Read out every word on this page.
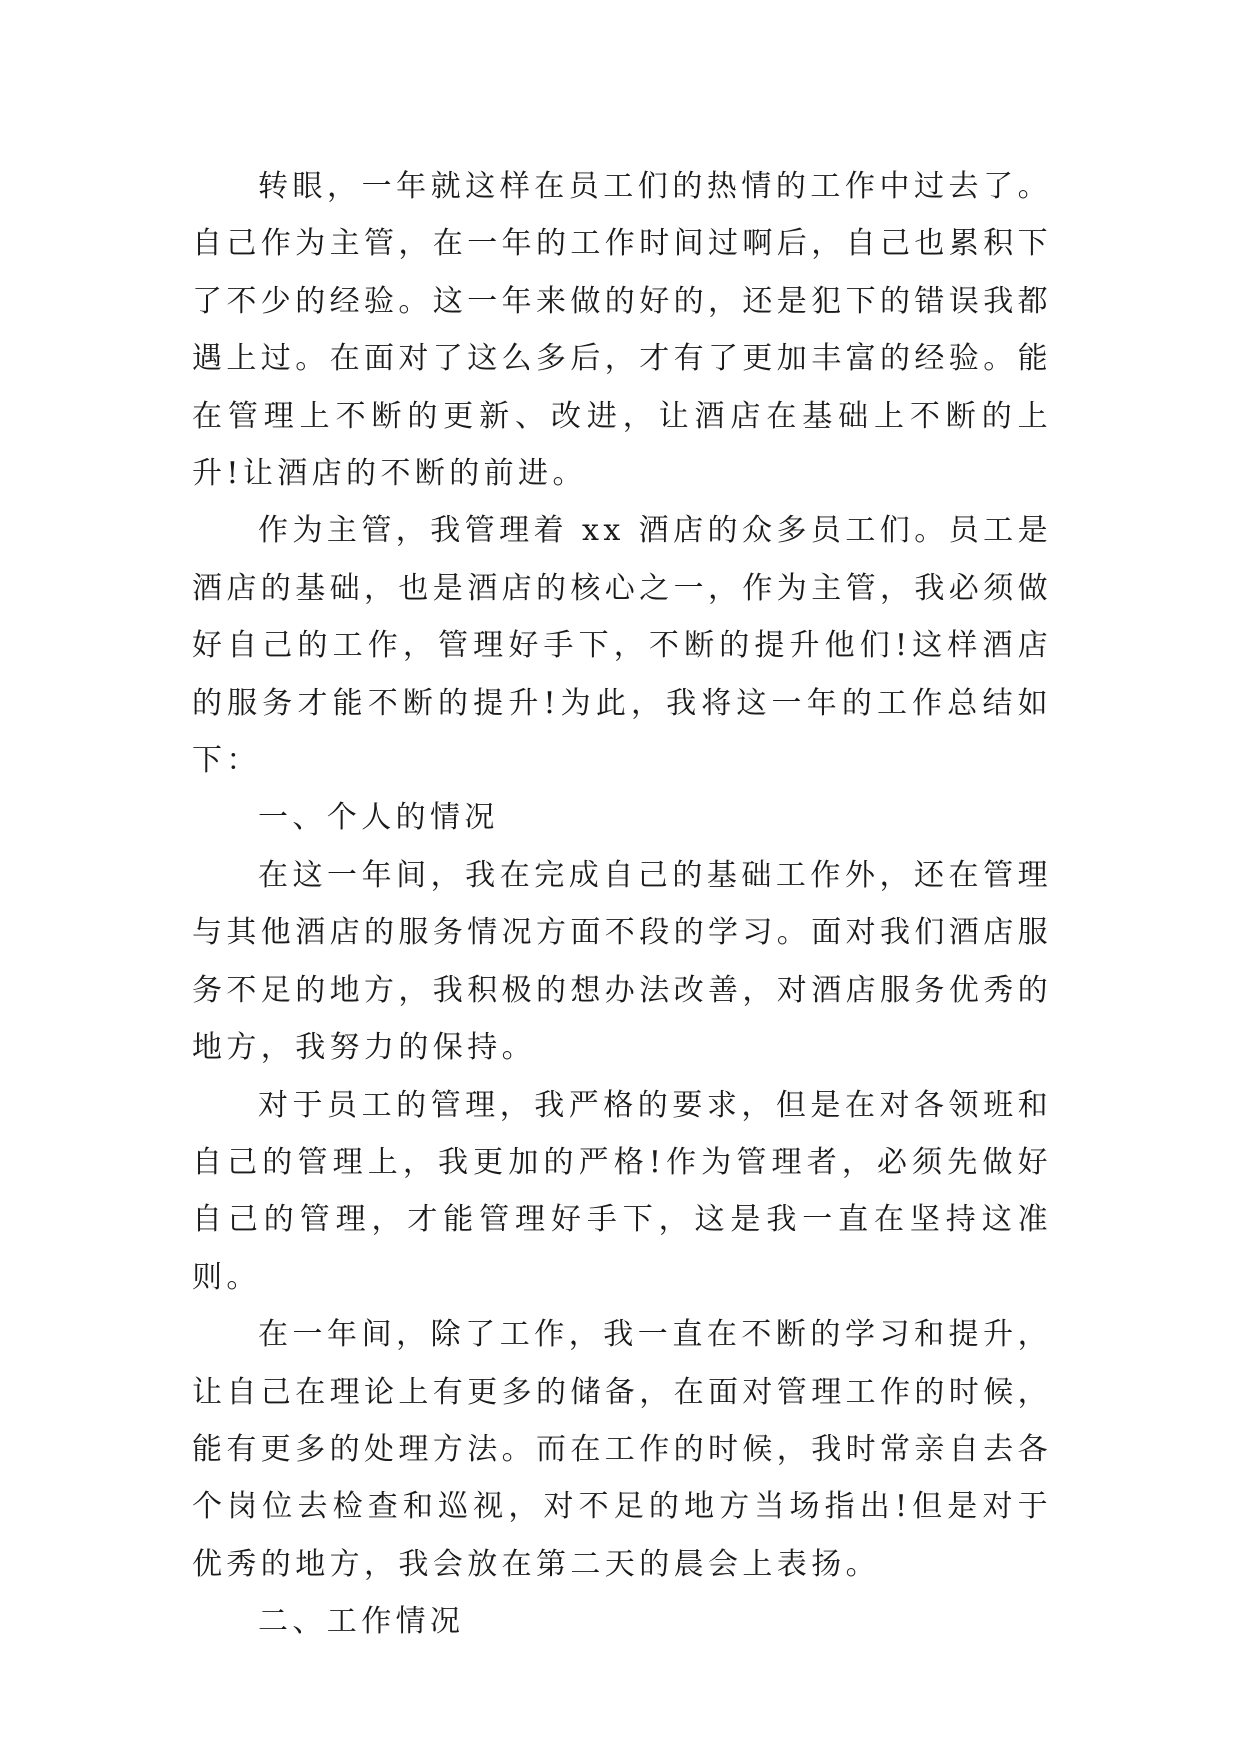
转眼，一年就这样在员工们的热情的工作中过去了。自己作为主管，在一年的工作时间过啊后，自己也累积下了不少的经验。这一年来做的好的，还是犯下的错误我都遇上过。在面对了这么多后，才有了更加丰富的经验。能在管理上不断的更新、改进，让酒店在基础上不断的上升!让酒店的不断的前进。

作为主管，我管理着 xx 酒店的众多员工们。员工是酒店的基础，也是酒店的核心之一，作为主管，我必须做好自己的工作，管理好手下，不断的提升他们!这样酒店的服务才能不断的提升!为此，我将这一年的工作总结如下：

一、个人的情况

在这一年间，我在完成自己的基础工作外，还在管理与其他酒店的服务情况方面不段的学习。面对我们酒店服务不足的地方，我积极的想办法改善，对酒店服务优秀的地方，我努力的保持。

对于员工的管理，我严格的要求，但是在对各领班和自己的管理上，我更加的严格!作为管理者，必须先做好自己的管理，才能管理好手下，这是我一直在坚持这准则。

在一年间，除了工作，我一直在不断的学习和提升，让自己在理论上有更多的储备，在面对管理工作的时候，能有更多的处理方法。而在工作的时候，我时常亲自去各个岗位去检查和巡视，对不足的地方当场指出!但是对于优秀的地方，我会放在第二天的晨会上表扬。

二、工作情况
